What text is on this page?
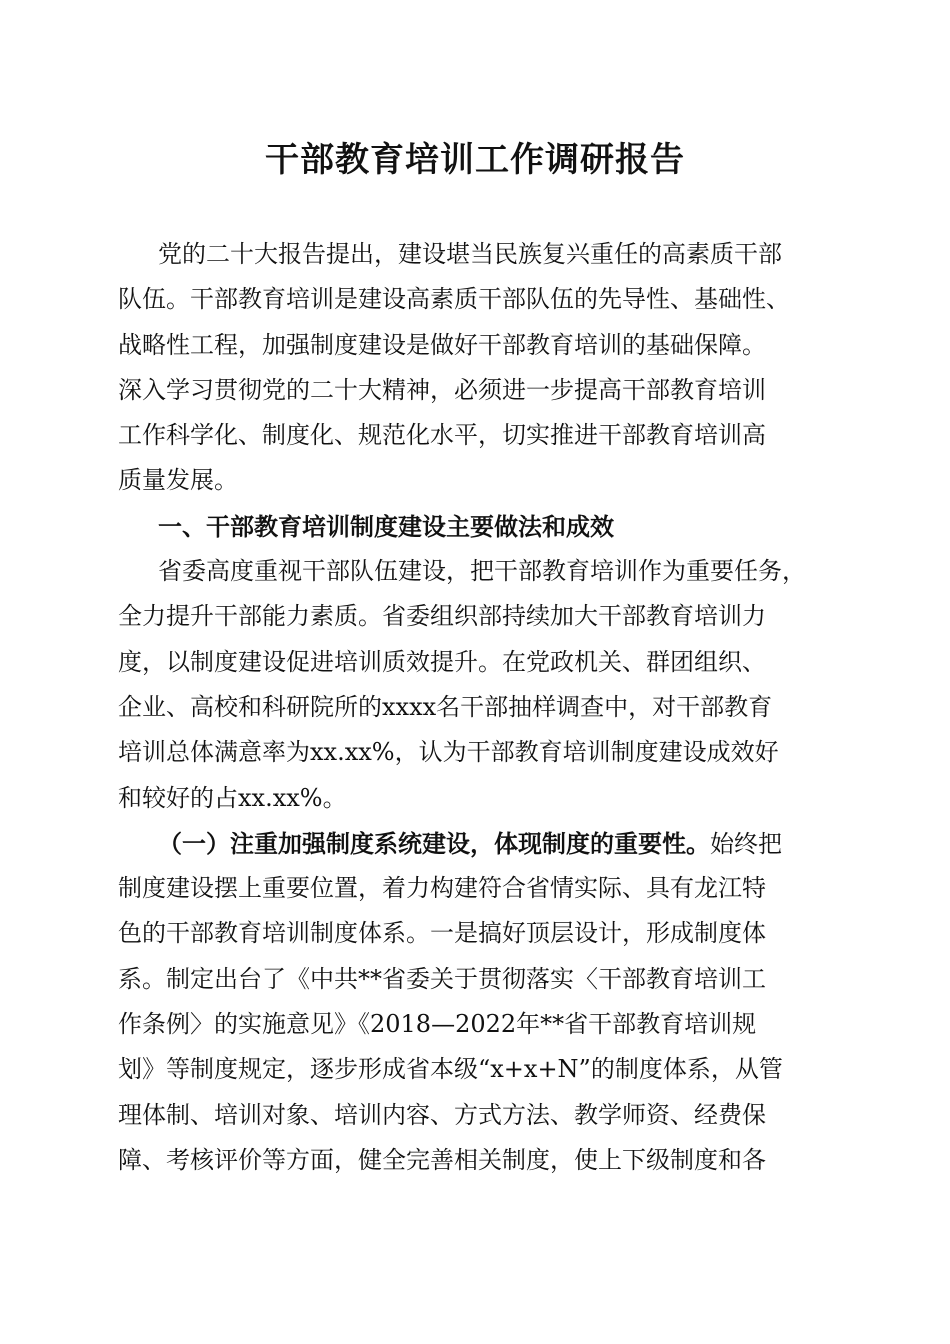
干部教育培训工作调研报告
党的二十大报告提出，建设堪当民族复兴重任的高素质干部
队伍。干部教育培训是建设高素质干部队伍的先导性、基础性、
战略性工程，加强制度建设是做好干部教育培训的基础保障。
深入学习贯彻党的二十大精神，必须进一步提高干部教育培训
工作科学化、制度化、规范化水平，切实推进干部教育培训高
质量发展。
一、干部教育培训制度建设主要做法和成效
省委高度重视干部队伍建设，把干部教育培训作为重要任务，
全力提升干部能力素质。省委组织部持续加大干部教育培训力
度，以制度建设促进培训质效提升。在党政机关、群团组织、
企业、高校和科研院所的xxxx名干部抽样调查中，对干部教育
培训总体满意率为xx.xx%，认为干部教育培训制度建设成效好
和较好的占xx.xx%。
（一）注重加强制度系统建设，体现制度的重要性。始终把
制度建设摆上重要位置，着力构建符合省情实际、具有龙江特
色的干部教育培训制度体系。一是搞好顶层设计，形成制度体
系。制定出台了《中共**省委关于贯彻落实〈干部教育培训工
作条例〉的实施意见》《2018—2022年**省干部教育培训规
划》等制度规定，逐步形成省本级“x+x+N”的制度体系，从管
理体制、培训对象、培训内容、方式方法、教学师资、经费保
障、考核评价等方面，健全完善相关制度，使上下级制度和各
